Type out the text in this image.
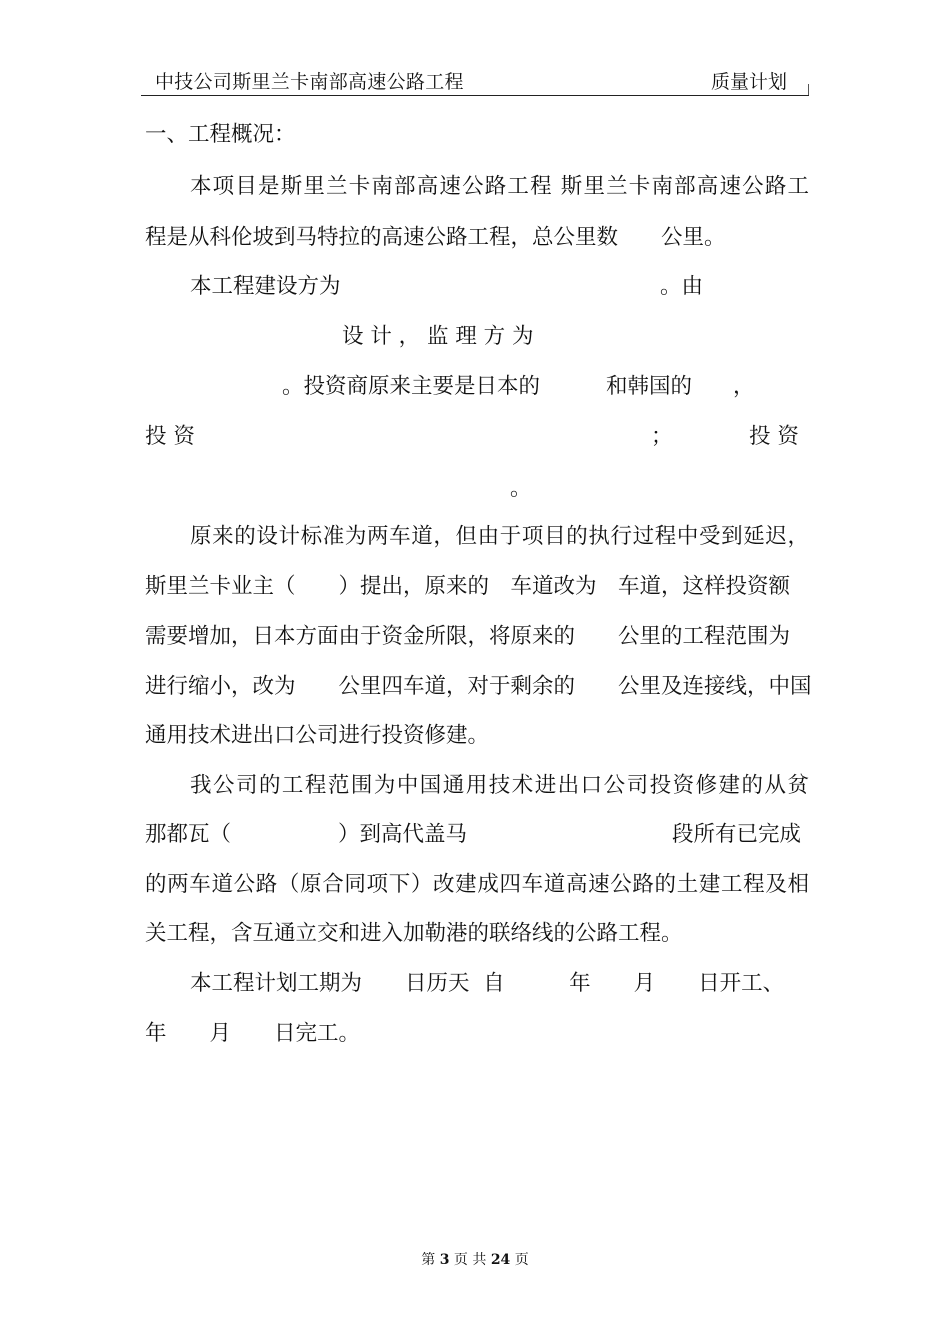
中技公司斯里兰卡南部高速公路工程	质量计划
一、工程概况：
本项目是斯里兰卡南部高速公路工程 斯里兰卡南部高速公路工
程是从科伦坡到马特拉的高速公路工程，总公里数　　公里。
本工程建设方为	。由
设 计 ， 监 理 方 为
。投资商原来主要是日本的	和韩国的 ，
投 资	；	投 资
。
原来的设计标准为两车道，但由于项目的执行过程中受到延迟，
斯里兰卡业主（　　）提出，原来的　车道改为　车道，这样投资额
需要增加，日本方面由于资金所限，将原来的　　公里的工程范围为
进行缩小，改为　　公里四车道，对于剩余的　　公里及连接线，中国
通用技术进出口公司进行投资修建。
我公司的工程范围为中国通用技术进出口公司投资修建的从贫
那都瓦（	）到高代盖马	段所有已完成
的两车道公路（原合同项下）改建成四车道高速公路的土建工程及相
关工程，含互通立交和进入加勒港的联络线的公路工程。
本工程计划工期为　　日历天  自　　　年　　月　　日开工、
年　　月　　日完工。
第 3 页 共 24 页
